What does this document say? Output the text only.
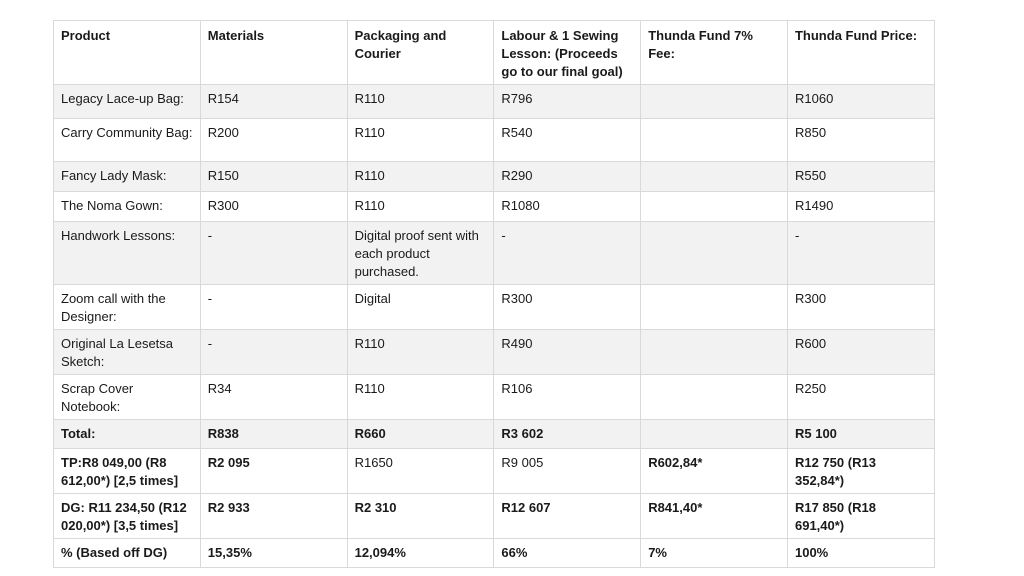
Product	Materials	Packaging and Courier	Labour & 1 Sewing Lesson: (Proceeds go to our final goal)	Thunda Fund 7% Fee:	Thunda Fund Price:
Legacy Lace-up Bag:	R154	R110	R796		R1060
Carry Community Bag:	R200	R110	R540		R850
Fancy Lady Mask:	R150	R110	R290		R550
The Noma Gown:	R300	R110	R1080		R1490
Handwork Lessons:	-	Digital proof sent with each product purchased.	-		-
Zoom call with the Designer:	-	Digital	R300		R300
Original La Lesetsa Sketch:	-	R110	R490		R600
Scrap Cover Notebook:	R34	R110	R106		R250
Total:	R838	R660	R3 602		R5 100
TP:R8 049,00 (R8 612,00*) [2,5 times]	R2 095	R1650	R9 005	R602,84*	R12 750 (R13 352,84*)
DG: R11 234,50 (R12 020,00*) [3,5 times]	R2 933	R2 310	R12 607	R841,40*	R17 850 (R18 691,40*)
% (Based off DG)	15,35%	12,094%	66%	7%	100%
